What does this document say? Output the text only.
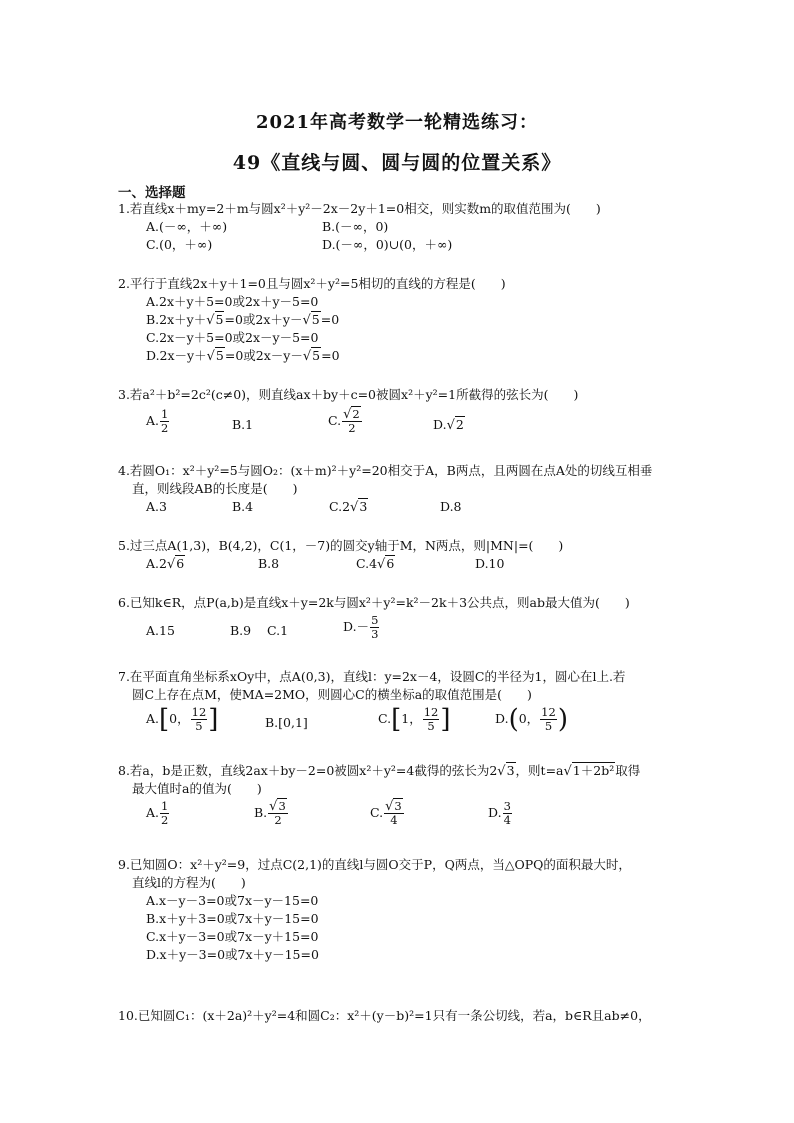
2021年高考数学一轮精选练习：
49《直线与圆、圆与圆的位置关系》
一、选择题
1.若直线x＋my=2＋m与圆x²＋y²－2x－2y＋1=0相交，则实数m的取值范围为(　　)
A.(－∞，＋∞)	B.(－∞，0)
C.(0，＋∞)	D.(－∞，0)∪(0，＋∞)
2.平行于直线2x＋y＋1=0且与圆x²＋y²=5相切的直线的方程是(　　)
A.2x＋y＋5=0或2x＋y－5=0
B.2x＋y＋√5=0或2x＋y－√5=0
C.2x－y＋5=0或2x－y－5=0
D.2x－y＋√5=0或2x－y－√5=0
3.若a²＋b²=2c²(c≠0)，则直线ax＋by＋c=0被圆x²＋y²=1所截得的弦长为(　　)
A. $\frac{1}{2}$	B.1	C. $\frac{√2}{2}$	D.√2
4.若圆O₁：x²＋y²=5与圆O₂：(x＋m)²＋y²=20相交于A，B两点，且两圆在点A处的切线互相垂
直，则线段AB的长度是(　　)
A.3	B.4	C.2√3	D.8
5.过三点A(1,3)，B(4,2)，C(1，－7)的圆交y轴于M，N两点，则|MN|=(　　)
A.2√6	B.8	C.4√6	D.10
6.已知k∈R，点P(a,b)是直线x＋y=2k与圆x²＋y²=k²－2k＋3公共点，则ab最大值为(　　)
A.15	B.9 C.1	$D.- \frac{5}{3}$
7.在平面直角坐标系xOy中，点A(0,3)，直线l：y=2x－4，设圆C的半径为1，圆心在l上.若
圆C上存在点M，使MA=2MO，则圆心C的横坐标a的取值范围是(　　)
A.[0， $\frac{12}{5}$ ]	B.[0,1]	C.[1， $\frac{12}{5}$ ]	D.(0， $\frac{12}{5}$ )
8.若a，b是正数，直线2ax＋by－2=0被圆x²＋y²=4截得的弦长为2√3，则t=a√1＋2b²取得
最大值时a的值为(　　)
A. $\frac{1}{2}$	B. $\frac{√3}{2}$	C. $\frac{√3}{4}$	D. $\frac{3}{4}$
9.已知圆O：x²＋y²=9，过点C(2,1)的直线l与圆O交于P，Q两点，当△OPQ的面积最大时，
直线l的方程为(　　)
A.x－y－3=0或7x－y－15=0
B.x＋y＋3=0或7x＋y－15=0
C.x＋y－3=0或7x－y＋15=0
D.x＋y－3=0或7x＋y－15=0
10.已知圆C₁：(x＋2a)²＋y²=4和圆C₂：x²＋(y－b)²=1只有一条公切线，若a，b∈R且ab≠0，
